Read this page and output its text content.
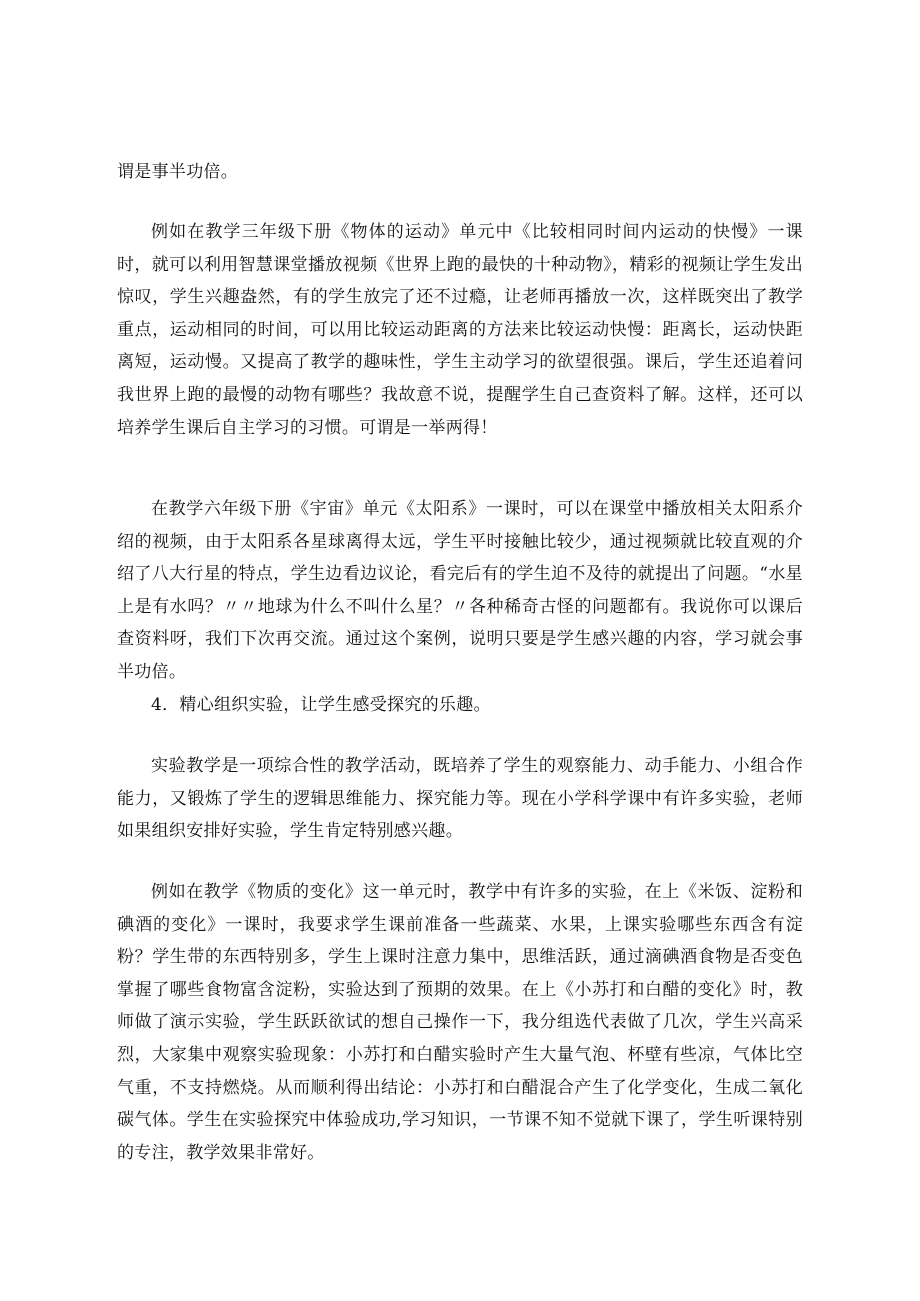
谓是事半功倍。

例如在教学三年级下册《物体的运动》单元中《比较相同时间内运动的快慢》一课时，就可以利用智慧课堂播放视频《世界上跑的最快的十种动物》，精彩的视频让学生发出惊叹，学生兴趣盎然，有的学生放完了还不过瘾，让老师再播放一次，这样既突出了教学重点，运动相同的时间，可以用比较运动距离的方法来比较运动快慢：距离长，运动快距离短，运动慢。又提高了教学的趣味性，学生主动学习的欲望很强。课后，学生还追着问我世界上跑的最慢的动物有哪些？我故意不说，提醒学生自己查资料了解。这样，还可以培养学生课后自主学习的习惯。可谓是一举两得！

在教学六年级下册《宇宙》单元《太阳系》一课时，可以在课堂中播放相关太阳系介绍的视频，由于太阳系各星球离得太远，学生平时接触比较少，通过视频就比较直观的介绍了八大行星的特点，学生边看边议论，看完后有的学生迫不及待的就提出了问题。“水星上是有水吗？〃〃地球为什么不叫什么星？〃各种稀奇古怪的问题都有。我说你可以课后查资料呀，我们下次再交流。通过这个案例，说明只要是学生感兴趣的内容，学习就会事半功倍。

4．精心组织实验，让学生感受探究的乐趣。

实验教学是一项综合性的教学活动，既培养了学生的观察能力、动手能力、小组合作能力，又锻炼了学生的逻辑思维能力、探究能力等。现在小学科学课中有许多实验，老师如果组织安排好实验，学生肯定特别感兴趣。

例如在教学《物质的变化》这一单元时，教学中有许多的实验，在上《米饭、淀粉和碘酒的变化》一课时，我要求学生课前准备一些蔬菜、水果，上课实验哪些东西含有淀粉？学生带的东西特别多，学生上课时注意力集中，思维活跃，通过滴碘酒食物是否变色掌握了哪些食物富含淀粉，实验达到了预期的效果。在上《小苏打和白醋的变化》时，教师做了演示实验，学生跃跃欲试的想自己操作一下，我分组选代表做了几次，学生兴高采烈，大家集中观察实验现象：小苏打和白醋实验时产生大量气泡、杯壁有些凉，气体比空气重，不支持燃烧。从而顺利得出结论：小苏打和白醋混合产生了化学变化，生成二氧化碳气体。学生在实验探究中体验成功,学习知识，一节课不知不觉就下课了，学生听课特别的专注，教学效果非常好。
